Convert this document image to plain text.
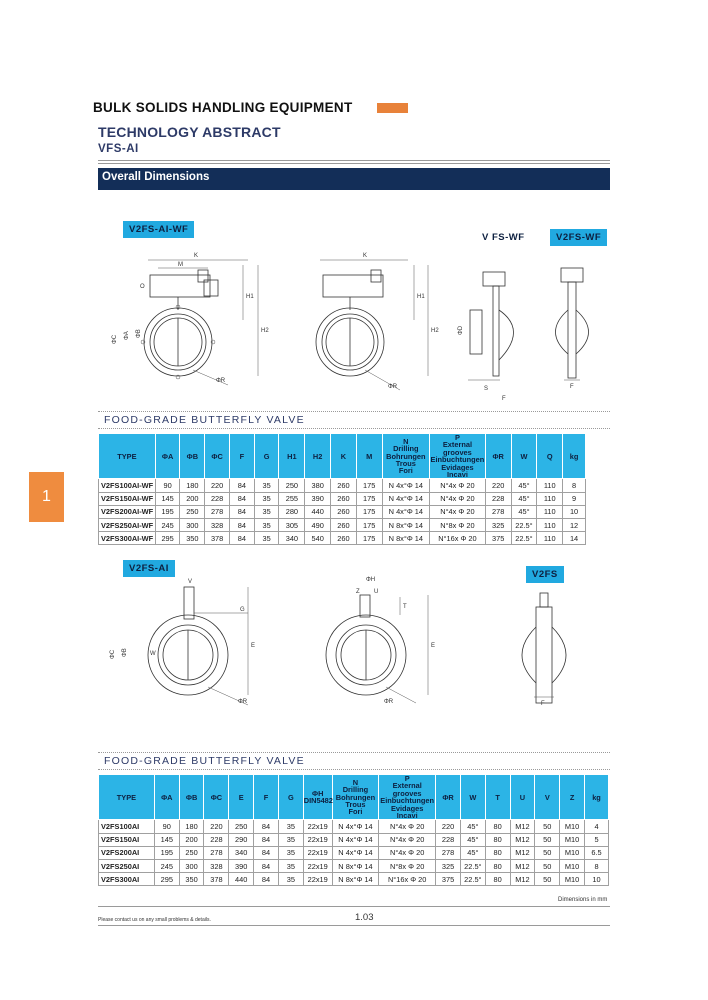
BULK SOLIDS HANDLING EQUIPMENT
TECHNOLOGY ABSTRACT
VFS-AI
Overall Dimensions
1
V2FS-AI-WF
V FS-WF	V2FS-WF
K
M
O
ΦR
ΦC ΦA ΦB
H1
H2
K
ΦR
H1
H2
S
F
ΦD
F
FOOD-GRADE BUTTERFLY VALVE
TYPE	ΦA	ΦB	ΦC	F	G	H1	H2	K	M	N
Drilling
Bohrungen
Trous
Fori	P
External grooves
Einbuchtungen
Evidages
Incavi	ΦR	W	Q	kg
V2FS100AI-WF	90	180	220	84	35	250	380	260	175	N 4x°Φ 14	N°4x Φ 20	220	45°	110	8
V2FS150AI-WF	145	200	228	84	35	255	390	260	175	N 4x°Φ 14	N°4x Φ 20	228	45°	110	9
V2FS200AI-WF	195	250	278	84	35	280	440	260	175	N 4x°Φ 14	N°4x Φ 20	278	45°	110	10
V2FS250AI-WF	245	300	328	84	35	305	490	260	175	N 8x°Φ 14	N°8x Φ 20	325	22.5°	110	12
V2FS300AI-WF	295	350	378	84	35	340	540	260	175	N 8x°Φ 14	N°16x Φ 20	375	22.5°	110	14
V2FS-AI
V2FS
V
G
ΦR
ΦC ΦB	W
E
ΦH
Z U
T
ΦR
E
F
FOOD-GRADE BUTTERFLY VALVE
TYPE	ΦA	ΦB	ΦC	E	F	G	ΦH
DIN5482	N
Drilling
Bohrungen
Trous
Fori	P
External grooves
Einbuchtungen
Evidages
Incavi	ΦR	W	T	U	V	Z	kg
V2FS100AI	90	180	220	250	84	35	22x19	N 4x°Φ 14	N°4x Φ 20	220	45°	80	M12	50	M10	4
V2FS150AI	145	200	228	290	84	35	22x19	N 4x°Φ 14	N°4x Φ 20	228	45°	80	M12	50	M10	5
V2FS200AI	195	250	278	340	84	35	22x19	N 4x°Φ 14	N°4x Φ 20	278	45°	80	M12	50	M10	6.5
V2FS250AI	245	300	328	390	84	35	22x19	N 8x°Φ 14	N°8x Φ 20	325	22.5°	80	M12	50	M10	8
V2FS300AI	295	350	378	440	84	35	22x19	N 8x°Φ 14	N°16x Φ 20	375	22.5°	80	M12	50	M10	10
Dimensions in mm
Please contact us on any small problems & details.	1.03
